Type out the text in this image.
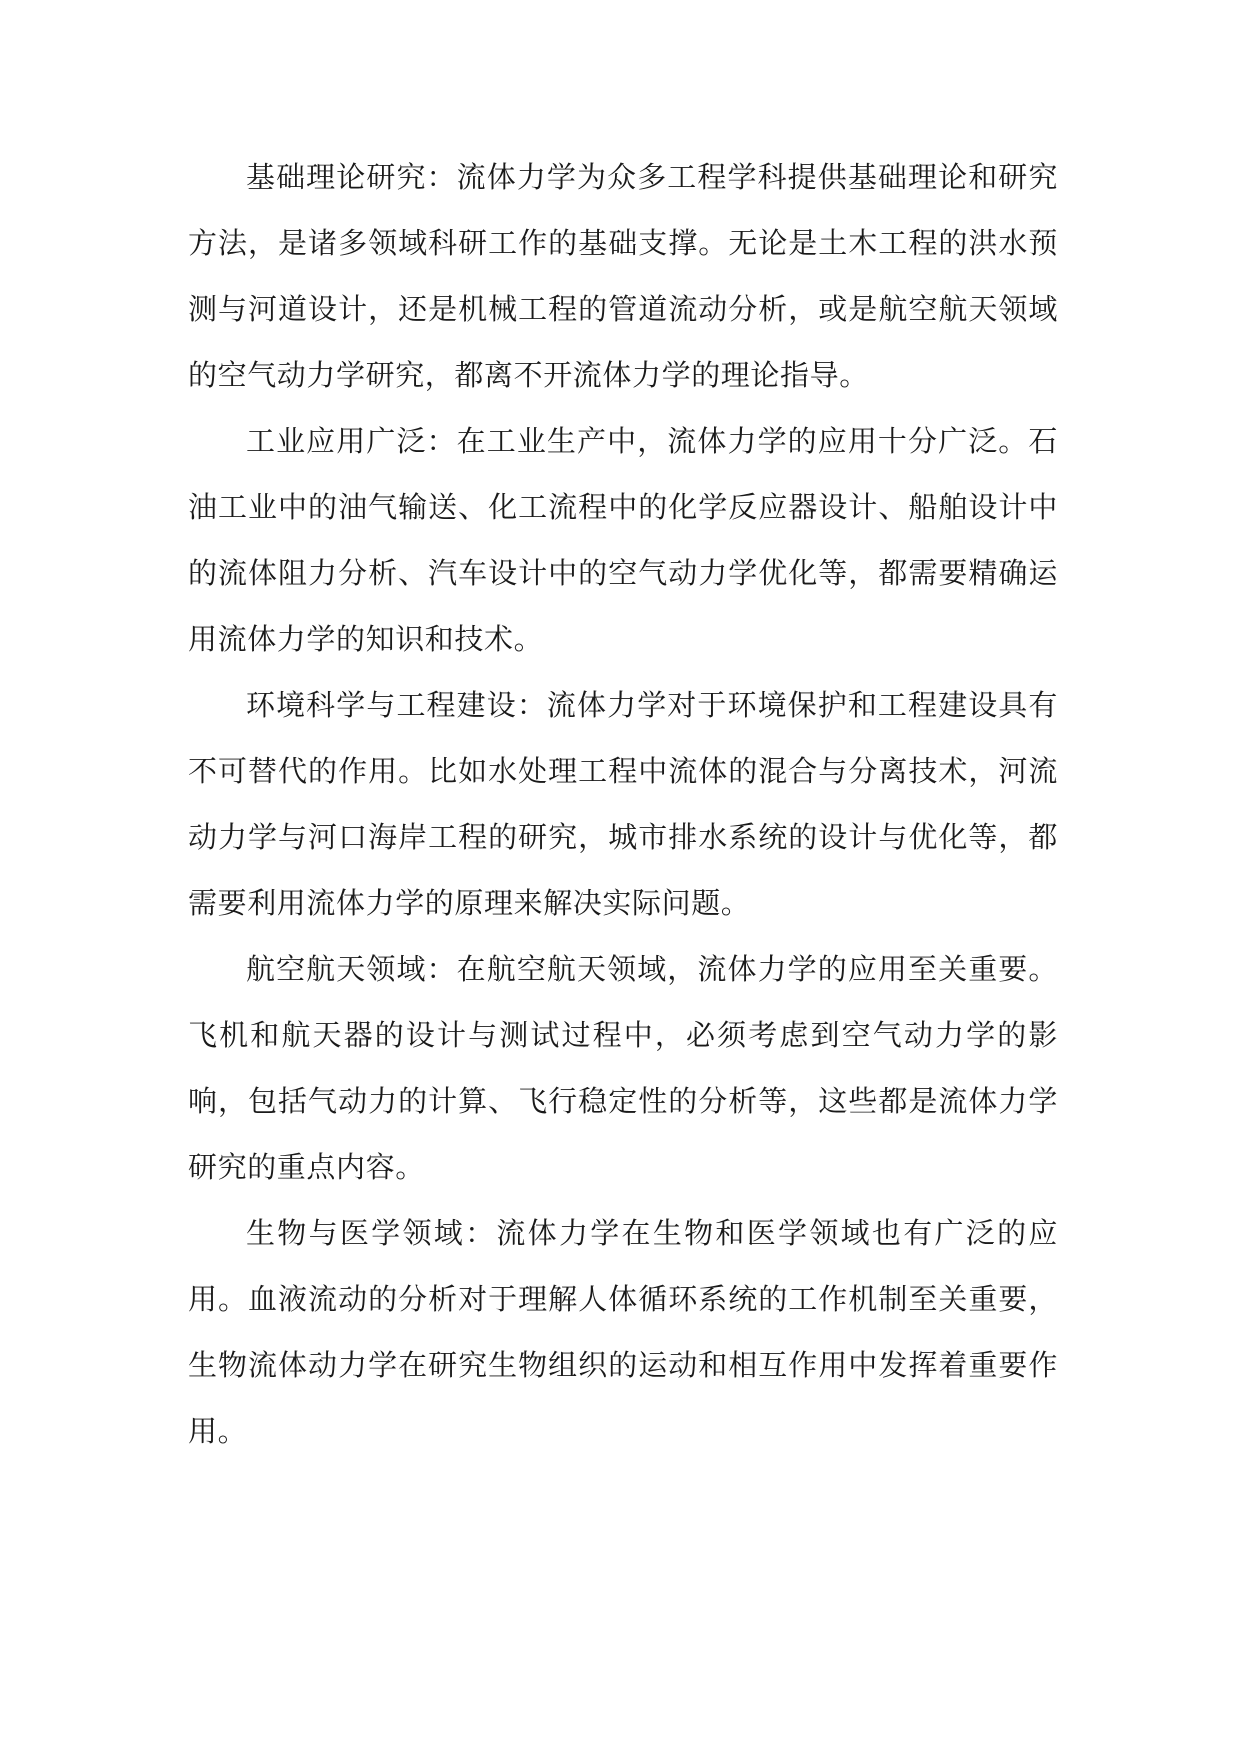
基础理论研究：流体力学为众多工程学科提供基础理论和研究方法，是诸多领域科研工作的基础支撑。无论是土木工程的洪水预测与河道设计，还是机械工程的管道流动分析，或是航空航天领域的空气动力学研究，都离不开流体力学的理论指导。

工业应用广泛：在工业生产中，流体力学的应用十分广泛。石油工业中的油气输送、化工流程中的化学反应器设计、船舶设计中的流体阻力分析、汽车设计中的空气动力学优化等，都需要精确运用流体力学的知识和技术。

环境科学与工程建设：流体力学对于环境保护和工程建设具有不可替代的作用。比如水处理工程中流体的混合与分离技术，河流动力学与河口海岸工程的研究，城市排水系统的设计与优化等，都需要利用流体力学的原理来解决实际问题。

航空航天领域：在航空航天领域，流体力学的应用至关重要。飞机和航天器的设计与测试过程中，必须考虑到空气动力学的影响，包括气动力的计算、飞行稳定性的分析等，这些都是流体力学研究的重点内容。

生物与医学领域：流体力学在生物和医学领域也有广泛的应用。血液流动的分析对于理解人体循环系统的工作机制至关重要，生物流体动力学在研究生物组织的运动和相互作用中发挥着重要作用。
